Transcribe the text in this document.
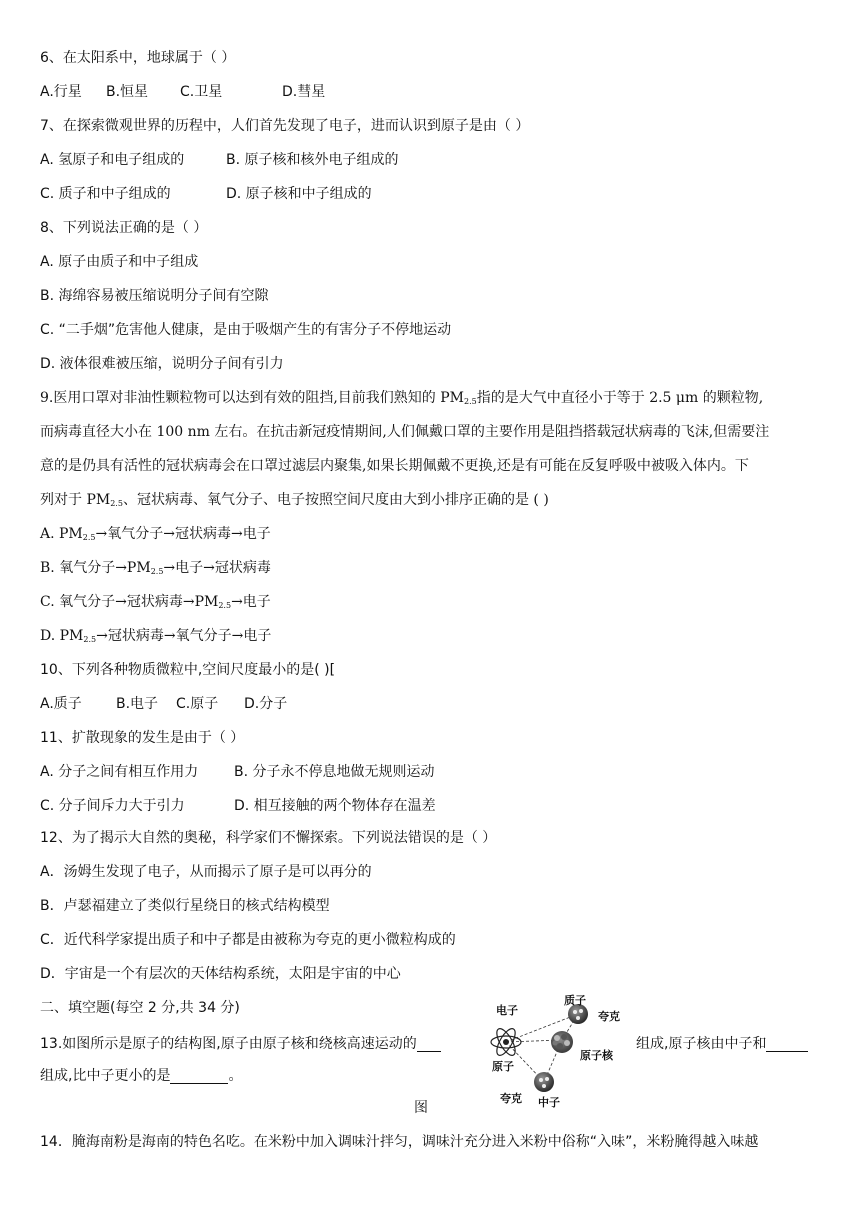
6、在太阳系中，地球属于（ ）
A.行星 B.恒星 C.卫星	D.彗星
7、在探索微观世界的历程中，人们首先发现了电子，进而认识到原子是由（ ）
A. 氢原子和电子组成的	B. 原子核和核外电子组成的
C. 质子和中子组成的	D. 原子核和中子组成的
8、下列说法正确的是（ ）
A. 原子由质子和中子组成
B. 海绵容易被压缩说明分子间有空隙
C. “二手烟”危害他人健康，是由于吸烟产生的有害分子不停地运动
D. 液体很难被压缩，说明分子间有引力
9.医用口罩对非油性颗粒物可以达到有效的阻挡,目前我们熟知的 $PM_{2.5}$指的是大气中直径小于等于 2.5 μm 的颗粒物,
而病毒直径大小在 100 nm 左右。在抗击新冠疫情期间,人们佩戴口罩的主要作用是阻挡搭载冠状病毒的飞沫,但需要注
意的是仍具有活性的冠状病毒会在口罩过滤层内聚集,如果长期佩戴不更换,还是有可能在反复呼吸中被吸入体内。下
列对于 $PM_{2.5}$、冠状病毒、氧气分子、电子按照空间尺度由大到小排序正确的是 ( )
A. $PM_{2.5}\to$氧气分子→冠状病毒→电子
B. 氧气分子$\to PM_{2.5}\to$电子→冠状病毒
C. 氧气分子→冠状病毒$\to PM_{2.5}\to$电子
D. $PM_{2.5}\to$冠状病毒→氧气分子→电子
10、下列各种物质微粒中,空间尺度最小的是( )[
A.质子 B.电子 C.原子 D.分子
11、扩散现象的发生是由于（ ）
A. 分子之间有相互作用力	B. 分子永不停息地做无规则运动
C. 分子间斥力大于引力	D. 相互接触的两个物体存在温差
12、为了揭示大自然的奥秘，科学家们不懈探索。下列说法错误的是（ ）
A．汤姆生发现了电子，从而揭示了原子是可以再分的
B．卢瑟福建立了类似行星绕日的核式结构模型
C．近代科学家提出质子和中子都是由被称为夸克的更小微粒构成的
D．宇宙是一个有层次的天体结构系统，太阳是宇宙的中心
二、填空题(每空 2 分,共 34 分)
13.如图所示是原子的结构图,原子由原子核和绕核高速运动的	组成,原子核由中子和
组成,比中子更小的是	。
图
电子
原子
原子核
质子
夸克
夸克 中子
14．腌海南粉是海南的特色名吃。在米粉中加入调味汁拌匀，调味汁充分进入米粉中俗称“入味”，米粉腌得越入味越
